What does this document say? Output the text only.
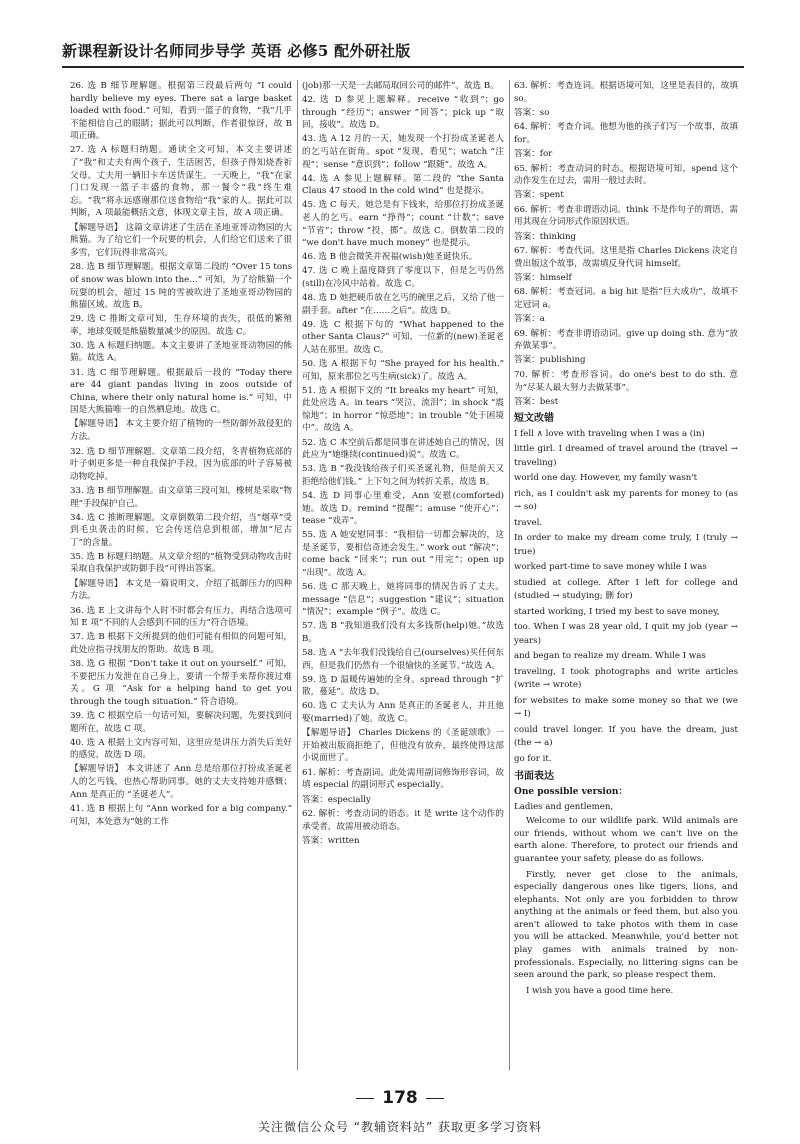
新课程新设计名师同步导学 英语 必修5 配外研社版

26. 选 B 细节理解题。根据第三段最后两句 “I could hardly believe my eyes. There sat a large basket loaded with food.” 可知，看到一篮子的食物，“我”几乎不能相信自己的眼睛；据此可以判断，作者很惊讶，故 B 项正确。

27. 选 A 标题归纳题。通读全文可知，本文主要讲述了“我”和丈夫有两个孩子，生活困苦，但孩子得知烧香祈父母。丈夫用一辆旧卡车送货谋生。一天晚上，“我”在家门口发现一篮子丰盛的食物，那一餐令“我”终生难忘。“我”将永远感谢那位送食物给“我”家的人。据此可以判断，A 项最能概括文意，体现文章主旨，故 A 项正确。

【解题导语】 这篇文章讲述了生活在圣地亚哥动物园的大熊猫。为了给它们一个玩要的机会，人们给它们送来了很多雪，它们玩得非常高兴。

28. 选 B 细节理解题。根据文章第二段的 “Over 15 tons of snow was blown into the…” 可知，为了给熊猫一个玩耍的机会，超过 15 吨的雪被吹进了圣地亚哥动物园的熊猫区域。故选 B。

29. 选 C 推断文章可知，生存环境的丧失，很低的繁殖率，地球变暖是熊猫数量减少的原因。故选 C。

30. 选 A 标题归纳题。本文主要讲了圣地亚哥动物园的熊猫。故选 A。

31. 选 C 细节理解题。根据最后一段的 “Today there are 44 giant pandas living in zoos outside of China, where their only natural home is.” 可知，中国是大熊猫唯一的自然栖息地。故选 C。

【解题导语】 本文主要介绍了植物的一些防御外敌侵犯的方法。

32. 选 D 细节理解题。文章第二段介绍，冬青植物底部的叶子刺更多是一种自我保护手段，因为底部的叶子容易被动物吃掉。

33. 选 B 细节理解题。由文章第三段可知，橡树是采取“物理”手段保护自己。

34. 选 C 推断理解题。文章倒数第二段介绍，当“烟草”受到毛虫袭击的时候，它会传送信息到根部，增加“尼古丁”的含量。

35. 选 B 标题归纳题。从文章介绍的“植物受到动物攻击时采取自我保护或防御手段”可得出答案。

【解题导语】 本文是一篇说明文，介绍了抵御压力的四种方法。

36. 选 E 上文讲每个人时不时都会有压力，再结合选项可知 E 项“不同的人会感到不同的压力”符合语境。

37. 选 B 根据下文所提到的他们可能有相似的问题可知，此处应指寻找朋友的帮助。故选 B 项。

38. 选 G 根据 “Don't take it out on yourself.” 可知，不要把压力发泄在自己身上，要请一个帮手来帮你渡过难关。G 项 “Ask for a helping hand to get you through the tough situation.” 符合语境。

39. 选 C 根据空后一句话可知，要解决问题，先要找到问题所在，故选 C 项。

40. 选 A 根据上文内容可知，这里应是讲压力消失后美好的感觉，故选 D 项。

【解题导语】 本文讲述了 Ann 总是给那位打扮成圣诞老人的乞丐钱，也热心帮助同事。她的丈夫支持她并感慨；Ann 是真正的 “圣诞老人”。

41. 选 B 根据上句 “Ann worked for a big company.” 可知，本处意为“她的工作

(job)那一天是一去邮局取回公司的邮件”。故选 B。

42. 选 D 参见上题解释。receive “收到”；go through “经历”；answer “回答”；pick up “取回，接收”。故选 D。

43. 选 A 12 月的一天，她发现一个打扮成圣诞老人的乞丐站在街角。spot “发现，看见”；watch “注视”；sense “意识到”；follow “跟随”。故选 A。

44. 选 A 参见上题解释。第二段的 “the Santa Claus 47 stood in the cold wind” 也是提示。

45. 选 C 每天，她总是有下钱来，给那位打扮成圣诞老人的乞丐。earn “挣得”；count “计数”；save “节省”；throw “投，掷”。故选 C。倒数第二段的 “we don't have much money” 也是提示。

46. 选 B 他会微笑并祝福(wish)她圣诞快乐。

47. 选 C 晚上温度降到了零度以下，但是乞丐仍然(still)在冷风中站着。故选 C。

48. 选 D 她把硬币放在乞丐的碗里之后，又给了他一副手套。after “在……之后”。故选 D。

49. 选 C 根据下句的 “What happened to the other Santa Claus?” 可知，一位新的(new)圣诞老人站在那里。故选 C。

50. 选 A 根据下句 “She prayed for his health.” 可知，原来那位乞丐生病(sick)了。故选 A。

51. 选 A 根据下文的 “It breaks my heart” 可知，此处应选 A。in tears “哭泣，流泪”；in shock “震惊地”；in horror “惊恐地”；in trouble “处于困境中”。故选 A。

52. 选 C 本空前后都是同事在讲述她自己的情况，因此应为“她继续(continued)说”。故选 C。

53. 选 B “我没钱给孩子们买圣诞礼物，但是前天又拒绝给他们钱。” 上下句之间为转折关系，故选 B。

54. 选 D 同事心里难受，Ann 安慰(comforted)她。故选 D。remind “提醒”；amuse “使开心”；tease “戏弄”。

55. 选 A 她安慰同事：“我相信一切都会解决的，这是圣诞节，要相信奇迹会发生。” work out “解决”；come back “回来”；run out “用完”；open up “出现”。故选 A。

56. 选 C 那天晚上，她将同事的情况告诉了丈夫。message “信息”；suggestion “建议”；situation “情况”；example “例子”。故选 C。

57. 选 B “我知道我们没有太多钱帮(help)她。”故选 B。

58. 选 A “去年我们没钱给自己(ourselves)买任何东西，但是我们仍然有一个很愉快的圣诞节。”故选 A。

59. 选 D 温暖传遍她的全身。spread through “扩散，蔓延”。故选 D。

60. 选 C 丈夫认为 Ann 是真正的圣诞老人，并且他娶(married)了她。故选 C。

【解题导语】 Charles Dickens 的《圣诞颂歌》一开始被出版商拒绝了，但他没有放弃，最终使得这部小说面世了。

61. 解析：考查副词。此处需用副词修饰形容词，故填 especial 的副词形式 especially。

答案：especially

62. 解析：考查动词的语态。it 是 write 这个动作的承受者，故需用被动语态。

答案：written

63. 解析：考查连词。根据语境可知，这里是表目的，故填 so。

答案：so

64. 解析：考查介词。他想为他的孩子们写一个故事，故填 for。

答案：for

65. 解析：考查动词的时态。根据语境可知，spend 这个动作发生在过去，需用一般过去时。

答案：spent

66. 解析：考查非谓语动词。think 不是作句子的谓语，需用其现在分词形式作原因状语。

答案：thinking

67. 解析：考查代词。这里是指 Charles Dickens 决定自费出版这个故事，故需填反身代词 himself。

答案：himself

68. 解析：考查冠词。a big hit 是指“巨大成功”，故填不定冠词 a。

答案：a

69. 解析：考查非谓语动词。give up doing sth. 意为“放弃做某事”。

答案：publishing

70. 解析：考查形容词。do one's best to do sth. 意为“尽某人最大努力去做某事”。

答案：best

短文改错

I fell ∧ love with traveling when I was a (in)

little girl. I dreamed of travel around the (travel → traveling)

world one day. However, my family wasn't

rich, as I couldn't ask my parents for money to (as → so)

travel.

In order to make my dream come truly, I (truly → true)

worked part-time to save money while I was

studied at college. After I left for college and (studied → studying; 删 for)

started working, I tried my best to save money,

too. When I was 28 year old, I quit my job (year → years)

and began to realize my dream. While I was

traveling, I took photographs and write articles (write → wrote)

for websites to make some money so that we (we → I)

could travel longer. If you have the dream, just (the → a)

go for it.

书面表达
One possible version：

Ladies and gentlemen,

Welcome to our wildlife park. Wild animals are our friends, without whom we can't live on the earth alone. Therefore, to protect our friends and guarantee your safety, please do as follows.

Firstly, never get close to the animals, especially dangerous ones like tigers, lions, and elephants. Not only are you forbidden to throw anything at the animals or feed them, but also you aren't allowed to take photos with them in case you will be attacked. Meanwhile, you'd better not play games with animals trained by non-professionals. Especially, no littering signs can be seen around the park, so please respect them.

I wish you have a good time here.

178
关注微信公众号 “教辅资料站” 获取更多学习资料
